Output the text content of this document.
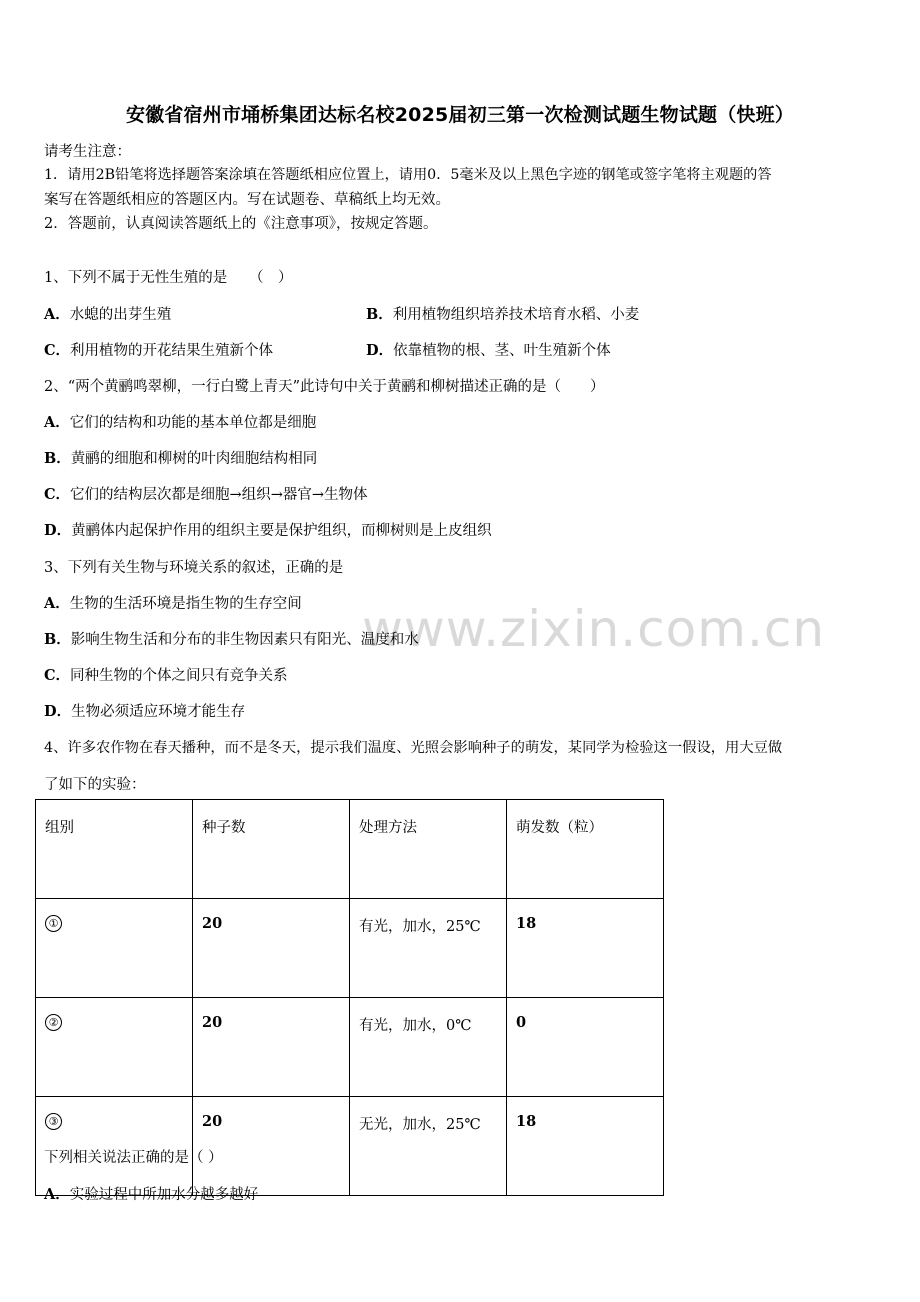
www.zixin.com.cn
安徽省宿州市埇桥集团达标名校2025届初三第一次检测试题生物试题（快班）
请考生注意：
1．请用2B铅笔将选择题答案涂填在答题纸相应位置上，请用0．5毫米及以上黑色字迹的钢笔或签字笔将主观题的答
案写在答题纸相应的答题区内。写在试题卷、草稿纸上均无效。
2．答题前，认真阅读答题纸上的《注意事项》，按规定答题。
1、下列不属于无性生殖的是　　（　）
A．水螅的出芽生殖	B．利用植物组织培养技术培育水稻、小麦
C．利用植物的开花结果生殖新个体	D．依靠植物的根、茎、叶生殖新个体
2、“两个黄鹂鸣翠柳，一行白鹭上青天”此诗句中关于黄鹂和柳树描述正确的是（　　）
A．它们的结构和功能的基本单位都是细胞
B．黄鹂的细胞和柳树的叶肉细胞结构相同
C．它们的结构层次都是细胞→组织→器官→生物体
D．黄鹂体内起保护作用的组织主要是保护组织，而柳树则是上皮组织
3、下列有关生物与环境关系的叙述，正确的是
A．生物的生活环境是指生物的生存空间
B．影响生物生活和分布的非生物因素只有阳光、温度和水
C．同种生物的个体之间只有竞争关系
D．生物必须适应环境才能生存
4、许多农作物在春天播种，而不是冬天，提示我们温度、光照会影响种子的萌发，某同学为检验这一假设，用大豆做
了如下的实验：
组别	种子数	处理方法	萌发数（粒）
①	20	有光，加水，25℃	18
②	20	有光，加水，0℃	0
③	20	无光，加水，25℃	18
下列相关说法正确的是（ ）
A．实验过程中所加水分越多越好
